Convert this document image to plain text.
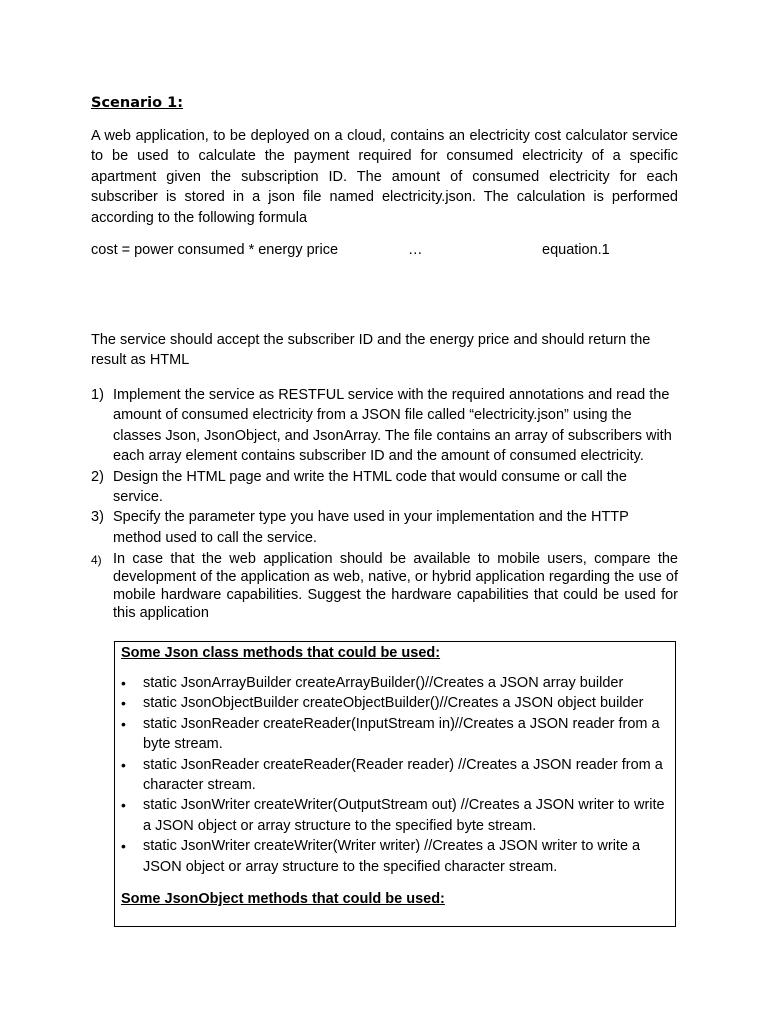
Scenario 1:

A web application, to be deployed on a cloud, contains an electricity cost calculator service to be used to calculate the payment required for consumed electricity of a specific apartment given the subscription ID. The amount of consumed electricity for each subscriber is stored in a json file named electricity.json. The calculation is performed according to the following formula

cost = power consumed * energy price	…	equation.1

The service should accept the subscriber ID and the energy price and should return the result as HTML

1) Implement the service as RESTFUL service with the required annotations and read the amount of consumed electricity from a JSON file called “electricity.json” using the classes Json, JsonObject, and JsonArray. The file contains an array of subscribers with each array element contains subscriber ID and the amount of consumed electricity.
2) Design the HTML page and write the HTML code that would consume or call the service.
3) Specify the parameter type you have used in your implementation and the HTTP method used to call the service.
4) In case that the web application should be available to mobile users, compare the development of the application as web, native, or hybrid application regarding the use of mobile hardware capabilities. Suggest the hardware capabilities that could be used for this application

Some Json class methods that could be used:

• static JsonArrayBuilder createArrayBuilder()//Creates a JSON array builder
• static JsonObjectBuilder createObjectBuilder()//Creates a JSON object builder
• static JsonReader createReader(InputStream in)//Creates a JSON reader from a byte stream.
• static JsonReader createReader(Reader reader) //Creates a JSON reader from a character stream.
• static JsonWriter createWriter(OutputStream out) //Creates a JSON writer to write a JSON object or array structure to the specified byte stream.
• static JsonWriter createWriter(Writer writer) //Creates a JSON writer to write a JSON object or array structure to the specified character stream.

Some JsonObject methods that could be used:
